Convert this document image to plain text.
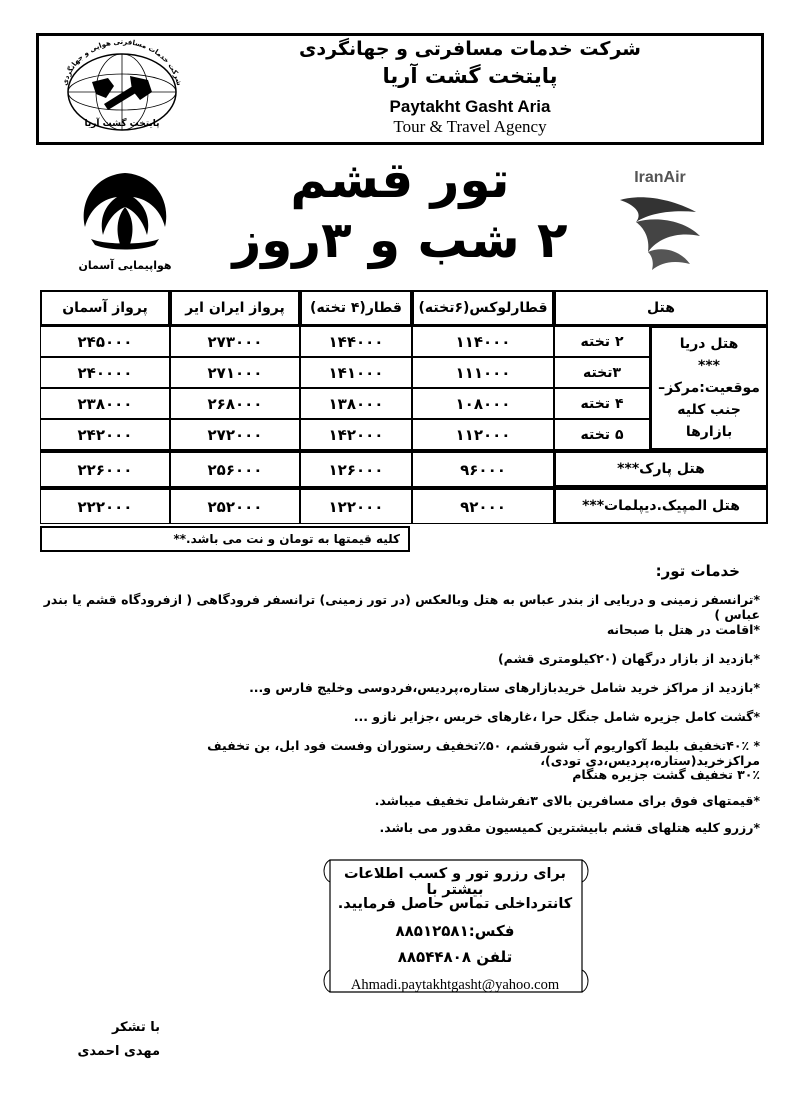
شرکت خدمات مسافرتی هوایی و جهانگردی
پایتخت گشت آریا
شرکت خدمات مسافرتی و جهانگردی
پایتخت گشت آریا
Paytakht Gasht Aria
Tour & Travel Agency
تور قشم
۲ شب و ۳روز
هواپیمایی آسمان
IranAir
هتل		قطارلوکس(۶تخته)	قطار(۴ تخته)	پرواز ایران ایر	پرواز آسمان

هتل دریا
***
موقعیت:مرکز–جنب کلیه بازارها	۲ تخته	۱۱۴۰۰۰	۱۴۴۰۰۰	۲۷۳۰۰۰	۲۴۵۰۰۰
	۳تخته	۱۱۱۰۰۰	۱۴۱۰۰۰	۲۷۱۰۰۰	۲۴۰۰۰۰
	۴ تخته	۱۰۸۰۰۰	۱۳۸۰۰۰	۲۶۸۰۰۰	۲۳۸۰۰۰
	۵ تخته	۱۱۲۰۰۰	۱۴۲۰۰۰	۲۷۲۰۰۰	۲۴۲۰۰۰
هتل پارک***		۹۶۰۰۰	۱۲۶۰۰۰	۲۵۶۰۰۰	۲۲۶۰۰۰
هتل المپیک.دیپلمات***		۹۲۰۰۰	۱۲۲۰۰۰	۲۵۲۰۰۰	۲۲۲۰۰۰
کلیه قیمتها به تومان و نت می باشد.**
خدمات تور:
*ترانسفر زمینی و دریایی از بندر عباس به هتل وبالعکس (در تور زمینی) ترانسفر فرودگاهی ( ازفرودگاه قشم یا بندر عباس )
*اقامت در هتل با صبحانه
*بازدید از بازار درگهان (۲۰کیلومتری قشم)
*بازدید از مراکز خرید شامل خریدبازارهای ستاره،پردیس،فردوسی وخلیج فارس و...
*گشت کامل جزیره شامل جنگل حرا ،غارهای خربس ،جزایر نازو ...
* ۴۰٪تخفیف بلیط آکواریوم آب شورقشم، ۵۰٪تخفیف رستوران وفست فود ابل، بن تخفیف مراکزخرید(ستاره،پردیس،دی تودی)،
۳۰٪ تخفیف گشت جزیره هنگام
*قیمتهای فوق برای مسافرین بالای ۳نفرشامل تخفیف میباشد.
*رزرو کلیه هتلهای قشم بابیشترین کمیسیون مقدور می باشد.
برای رزرو تور و کسب اطلاعات بیشتر با
کانترداخلی تماس حاصل فرمایید.
فکس:۸۸۵۱۲۵۸۱
تلفن ۸۸۵۴۴۸۰۸
Ahmadi.paytakhtgasht@yahoo.com
با تشکر
مهدی احمدی
